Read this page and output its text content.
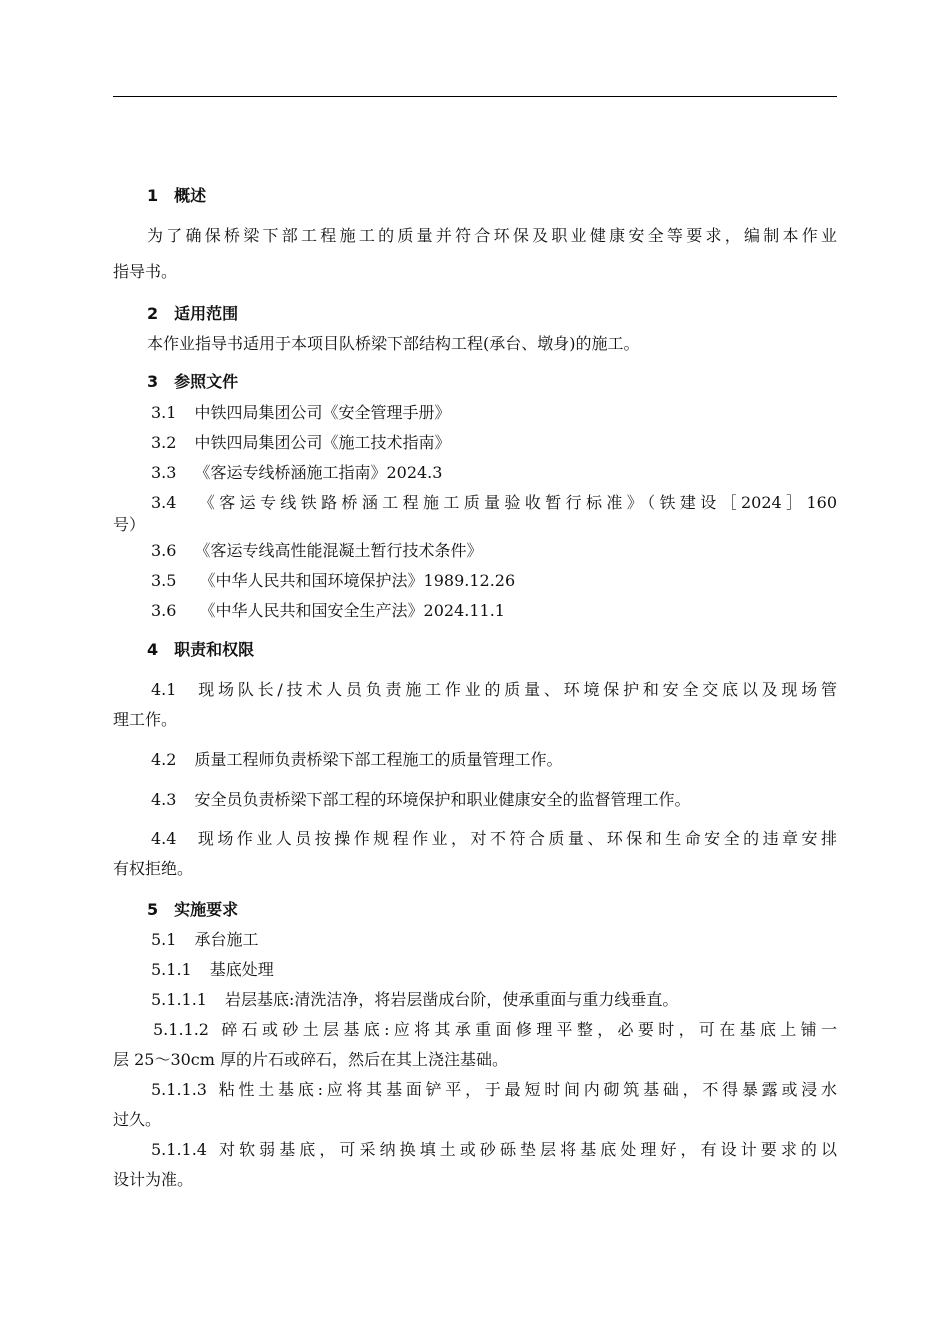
1 概述

为了确保桥梁下部工程施工的质量并符合环保及职业健康安全等要求，编制本作业

指导书。

2 适用范围

本作业指导书适用于本项目队桥梁下部结构工程(承台、墩身)的施工。

3 参照文件

3.1 中铁四局集团公司《安全管理手册》

3.2 中铁四局集团公司《施工技术指南》

3.3 《客运专线桥涵施工指南》2024.3

3.4 《客运专线铁路桥涵工程施工质量验收暂行标准》（铁建设［2024］160

号）

3.6 《客运专线高性能混凝土暂行技术条件》

3.5 《中华人民共和国环境保护法》1989.12.26

3.6 《中华人民共和国安全生产法》2024.11.1

4 职责和权限

4.1 现场队长/技术人员负责施工作业的质量、环境保护和安全交底以及现场管

理工作。

4.2 质量工程师负责桥梁下部工程施工的质量管理工作。

4.3 安全员负责桥梁下部工程的环境保护和职业健康安全的监督管理工作。

4.4 现场作业人员按操作规程作业，对不符合质量、环保和生命安全的违章安排

有权拒绝。

5 实施要求

5.1 承台施工

5.1.1 基底处理

5.1.1.1 岩层基底:清洗洁净，将岩层凿成台阶，使承重面与重力线垂直。

5.1.1.2 碎石或砂土层基底:应将其承重面修理平整，必要时，可在基底上铺一

层 25～30cm 厚的片石或碎石，然后在其上浇注基础。

5.1.1.3 粘性土基底:应将其基面铲平，于最短时间内砌筑基础，不得暴露或浸水

过久。

5.1.1.4 对软弱基底，可采纳换填土或砂砾垫层将基底处理好，有设计要求的以

设计为准。
